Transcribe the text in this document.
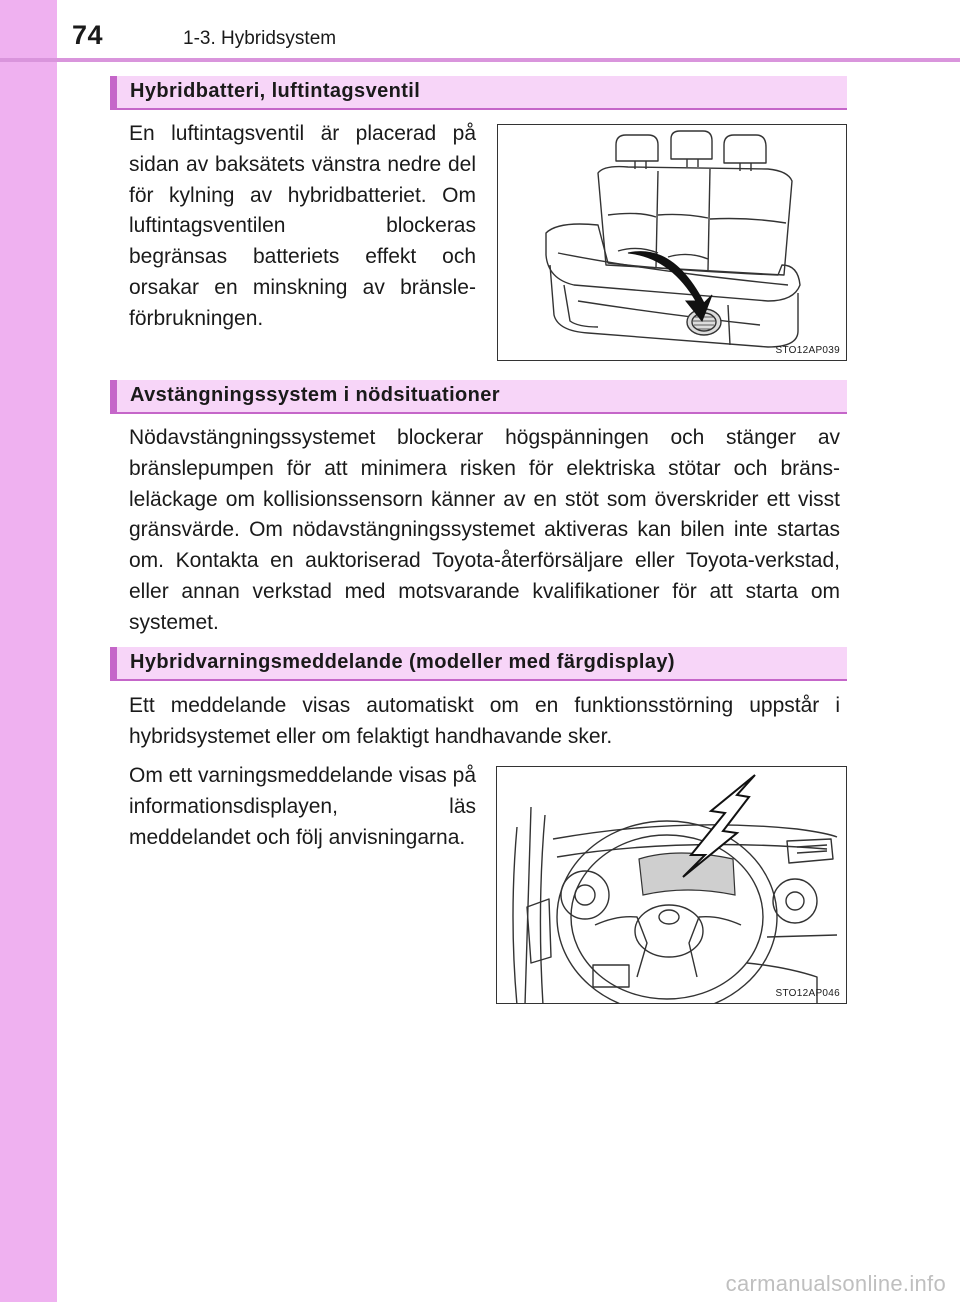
74	1-3. Hybridsystem
Hybridbatteri, luftintagsventil

En luftintagsventil är placerad på sidan av baksätets vänstra nedre del för kylning av hybridbatteriet. Om luftintagsventilen blockeras begränsas batteriets effekt och orsakar en minskning av bränsleförbrukningen.

STO12AP039
Avstängningssystem i nödsituationer

Nödavstängningssystemet blockerar högspänningen och stänger av bränslepumpen för att minimera risken för elektriska stötar och bränsleläckage om kollisionssensorn känner av en stöt som överskrider ett visst gränsvärde. Om nödavstängningssystemet aktiveras kan bilen inte startas om. Kontakta en auktoriserad Toyota-återförsäljare eller Toyota-verkstad, eller annan verkstad med motsvarande kvalifikationer för att starta om systemet.

Hybridvarningsmeddelande (modeller med färgdisplay)

Ett meddelande visas automatiskt om en funktionsstörning uppstår i hybridsystemet eller om felaktigt handhavande sker.

Om ett varningsmeddelande visas på informationsdisplayen, läs meddelandet och följ anvisningarna.

STO12AP046
carmanualsonline.info
